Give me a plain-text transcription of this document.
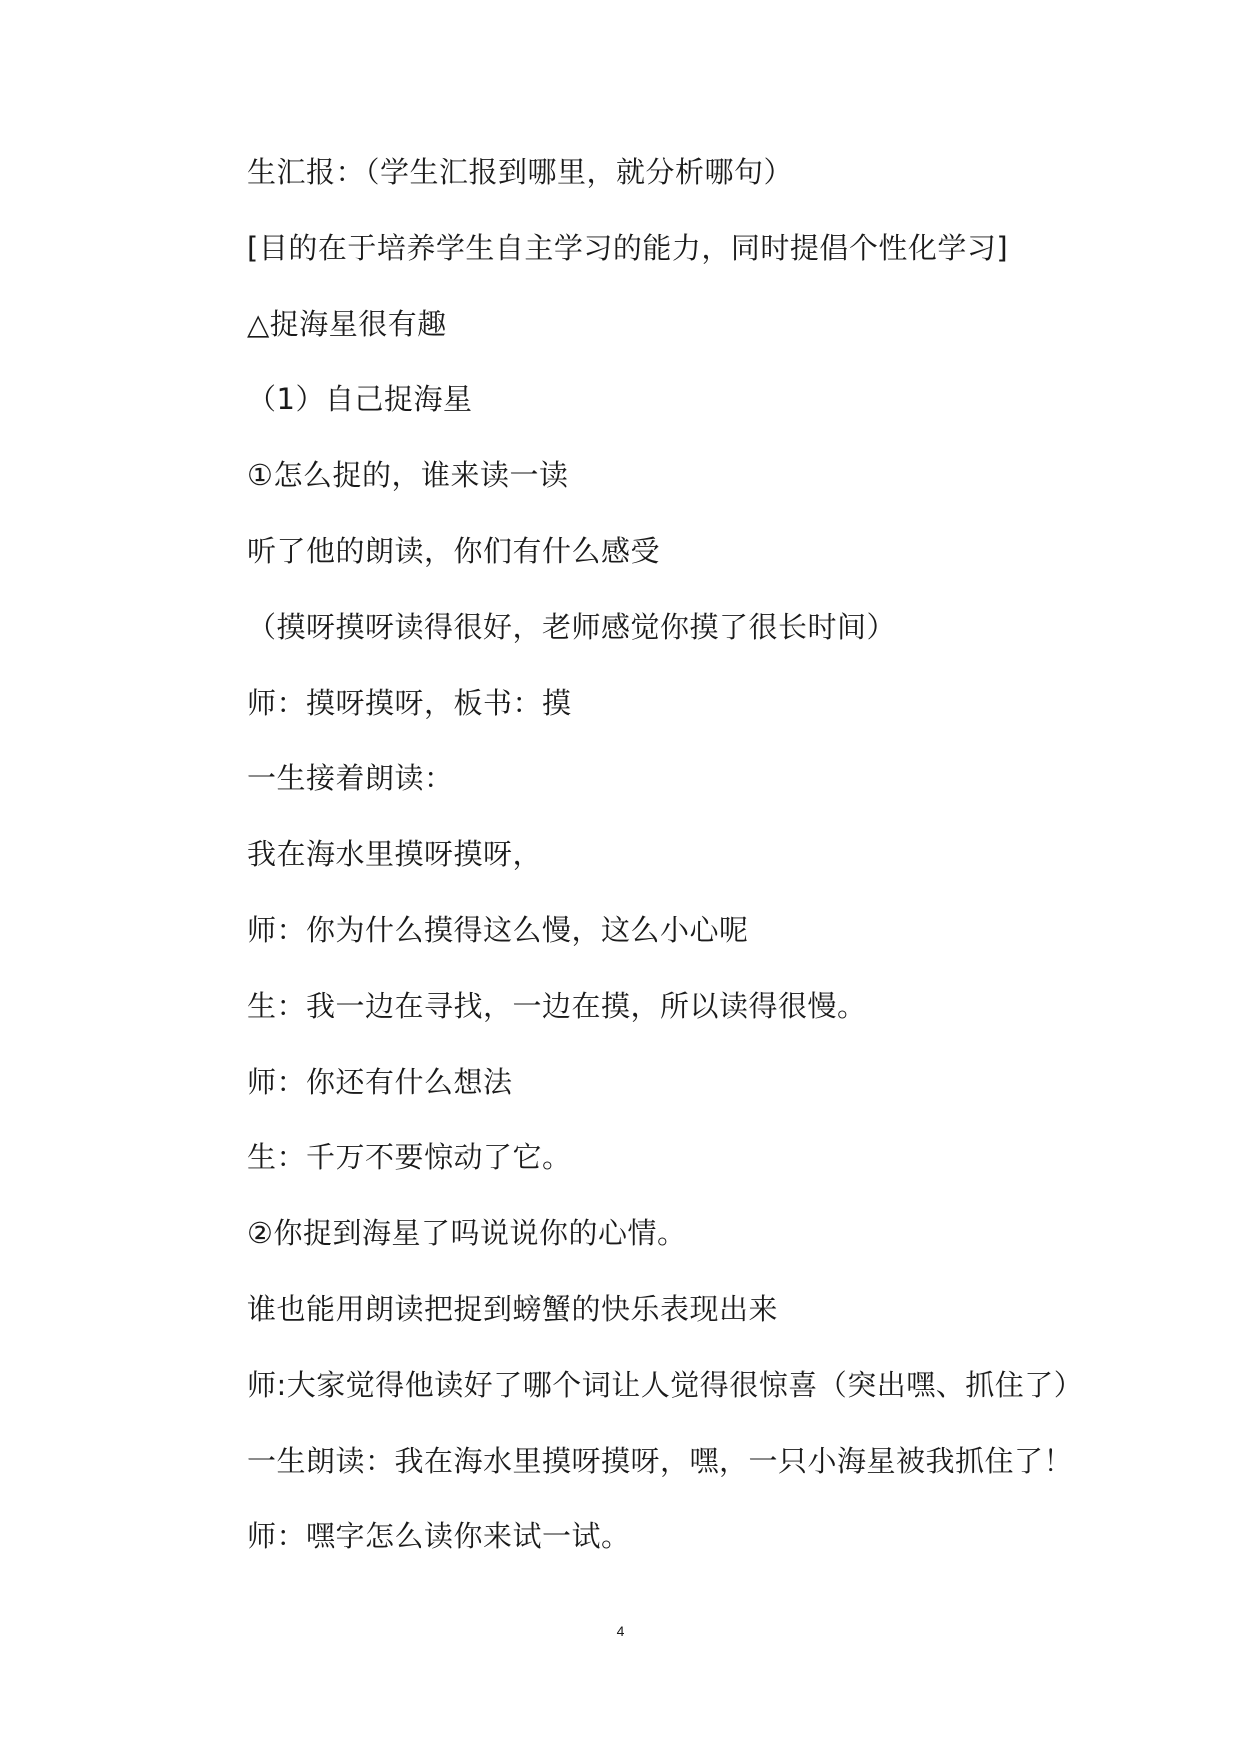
生汇报：（学生汇报到哪里，就分析哪句）
[目的在于培养学生自主学习的能力，同时提倡个性化学习]
△捉海星很有趣
（1）自己捉海星
①怎么捉的，谁来读一读
听了他的朗读，你们有什么感受
（摸呀摸呀读得很好，老师感觉你摸了很长时间）
师：摸呀摸呀，板书：摸
一生接着朗读：
我在海水里摸呀摸呀，
师：你为什么摸得这么慢，这么小心呢
生：我一边在寻找，一边在摸，所以读得很慢。
师：你还有什么想法
生：千万不要惊动了它。
②你捉到海星了吗说说你的心情。
谁也能用朗读把捉到螃蟹的快乐表现出来
师:大家觉得他读好了哪个词让人觉得很惊喜（突出嘿、抓住了）
一生朗读：我在海水里摸呀摸呀，嘿，一只小海星被我抓住了！
师：嘿字怎么读你来试一试。
4
